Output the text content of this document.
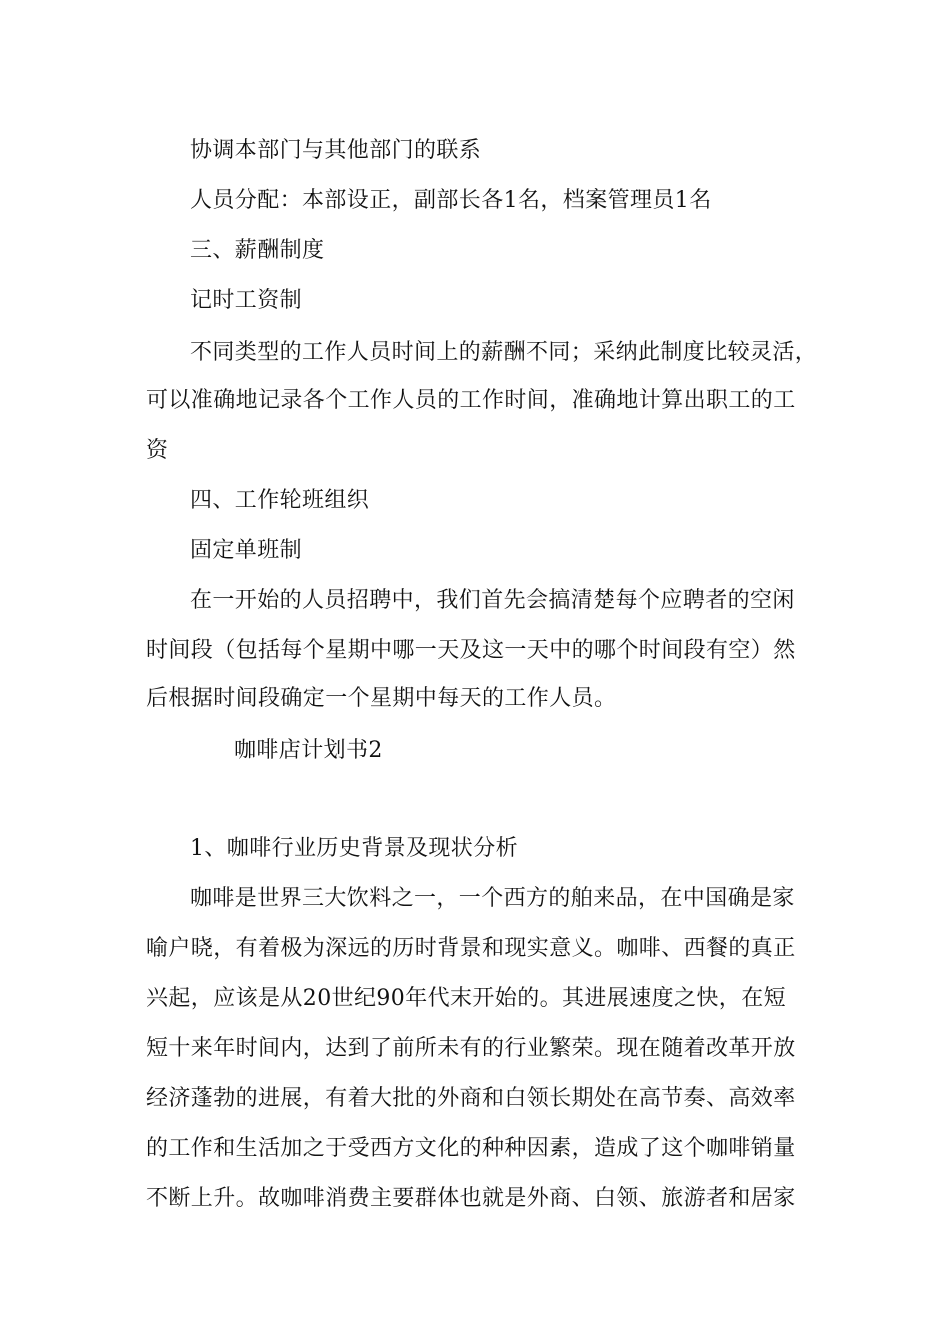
协调本部门与其他部门的联系
人员分配：本部设正，副部长各1名，档案管理员1名
三、薪酬制度
记时工资制
不同类型的工作人员时间上的薪酬不同；采纳此制度比较灵活，
可以准确地记录各个工作人员的工作时间，准确地计算出职工的工
资
四、工作轮班组织
固定单班制
在一开始的人员招聘中，我们首先会搞清楚每个应聘者的空闲
时间段（包括每个星期中哪一天及这一天中的哪个时间段有空）然
后根据时间段确定一个星期中每天的工作人员。
咖啡店计划书2
1、咖啡行业历史背景及现状分析
咖啡是世界三大饮料之一，一个西方的舶来品，在中国确是家
喻户晓，有着极为深远的历时背景和现实意义。咖啡、西餐的真正
兴起，应该是从20世纪90年代末开始的。其进展速度之快，在短
短十来年时间内，达到了前所未有的行业繁荣。现在随着改革开放
经济蓬勃的进展，有着大批的外商和白领长期处在高节奏、高效率
的工作和生活加之于受西方文化的种种因素，造成了这个咖啡销量
不断上升。故咖啡消费主要群体也就是外商、白领、旅游者和居家
